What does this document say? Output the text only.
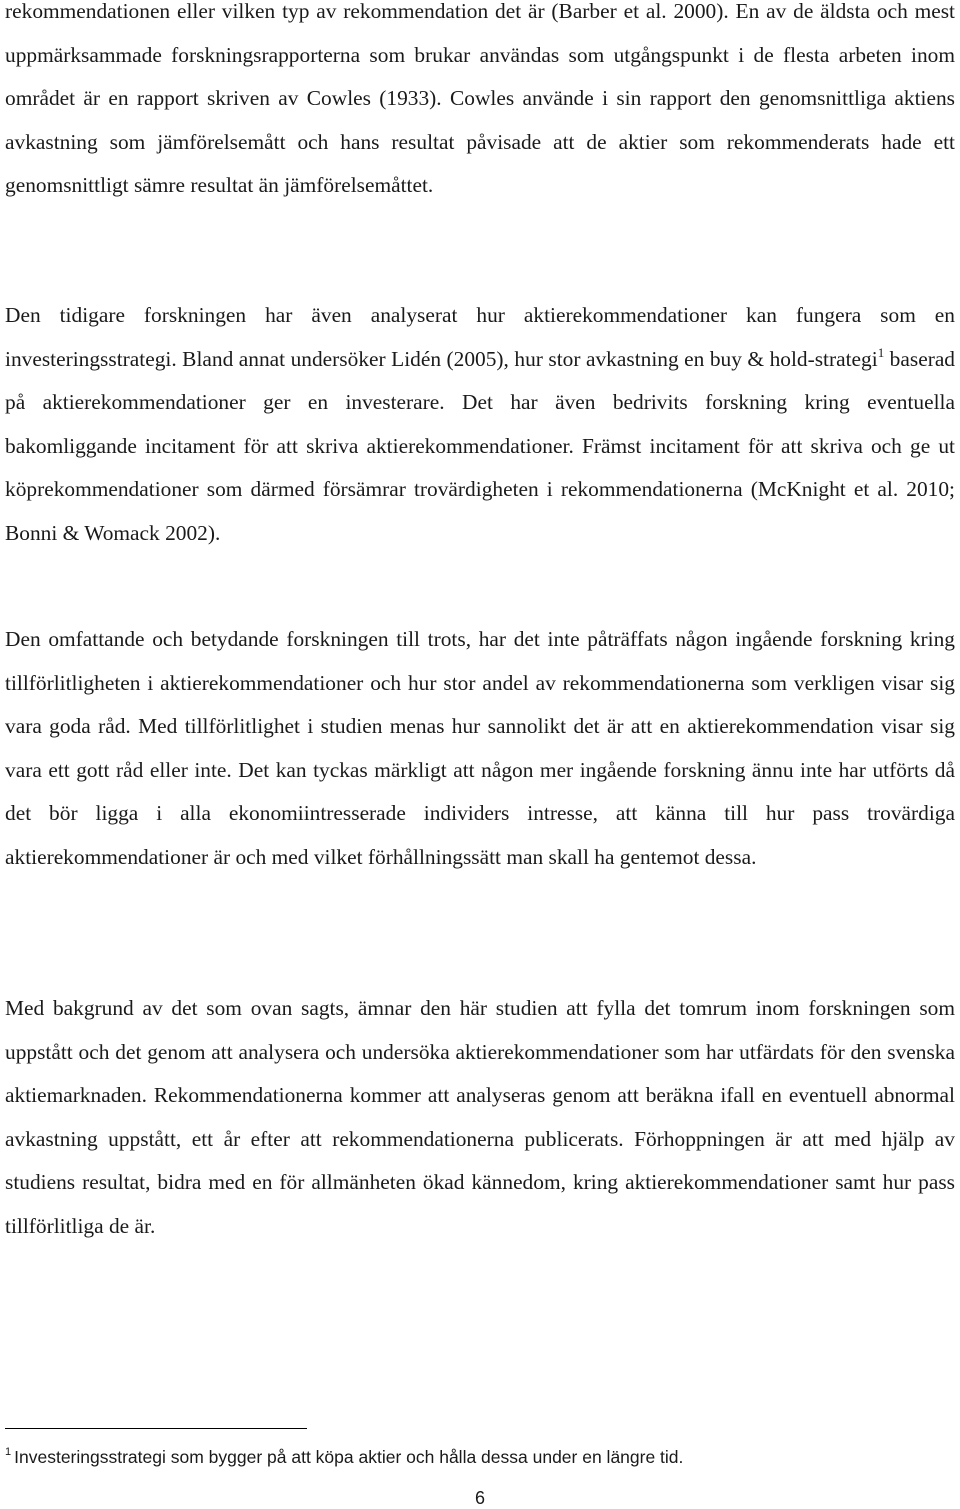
rekommendationen eller vilken typ av rekommendation det är (Barber et al. 2000). En av de äldsta och mest uppmärksammade forskningsrapporterna som brukar användas som utgångspunkt i de flesta arbeten inom området är en rapport skriven av Cowles (1933). Cowles använde i sin rapport den genomsnittliga aktiens avkastning som jämförelsemått och hans resultat påvisade att de aktier som rekommenderats hade ett genomsnittligt sämre resultat än jämförelsemåttet.

Den tidigare forskningen har även analyserat hur aktierekommendationer kan fungera som en investeringsstrategi. Bland annat undersöker Lidén (2005), hur stor avkastning en buy & hold-strategi$^1$ baserad på aktierekommendationer ger en investerare. Det har även bedrivits forskning kring eventuella bakomliggande incitament för att skriva aktierekommendationer. Främst incitament för att skriva och ge ut köprekommendationer som därmed försämrar trovärdigheten i rekommendationerna (McKnight et al. 2010; Bonni & Womack 2002).

Den omfattande och betydande forskningen till trots, har det inte påträffats någon ingående forskning kring tillförlitligheten i aktierekommendationer och hur stor andel av rekommendationerna som verkligen visar sig vara goda råd. Med tillförlitlighet i studien menas hur sannolikt det är att en aktierekommendation visar sig vara ett gott råd eller inte. Det kan tyckas märkligt att någon mer ingående forskning ännu inte har utförts då det bör ligga i alla ekonomiintresserade individers intresse, att känna till hur pass trovärdiga aktierekommendationer är och med vilket förhållningssätt man skall ha gentemot dessa.

Med bakgrund av det som ovan sagts, ämnar den här studien att fylla det tomrum inom forskningen som uppstått och det genom att analysera och undersöka aktierekommendationer som har utfärdats för den svenska aktiemarknaden. Rekommendationerna kommer att analyseras genom att beräkna ifall en eventuell abnormal avkastning uppstått, ett år efter att rekommendationerna publicerats. Förhoppningen är att med hjälp av studiens resultat, bidra med en för allmänheten ökad kännedom, kring aktierekommendationer samt hur pass tillförlitliga de är.

$^1$ Investeringsstrategi som bygger på att köpa aktier och hålla dessa under en längre tid.
6
